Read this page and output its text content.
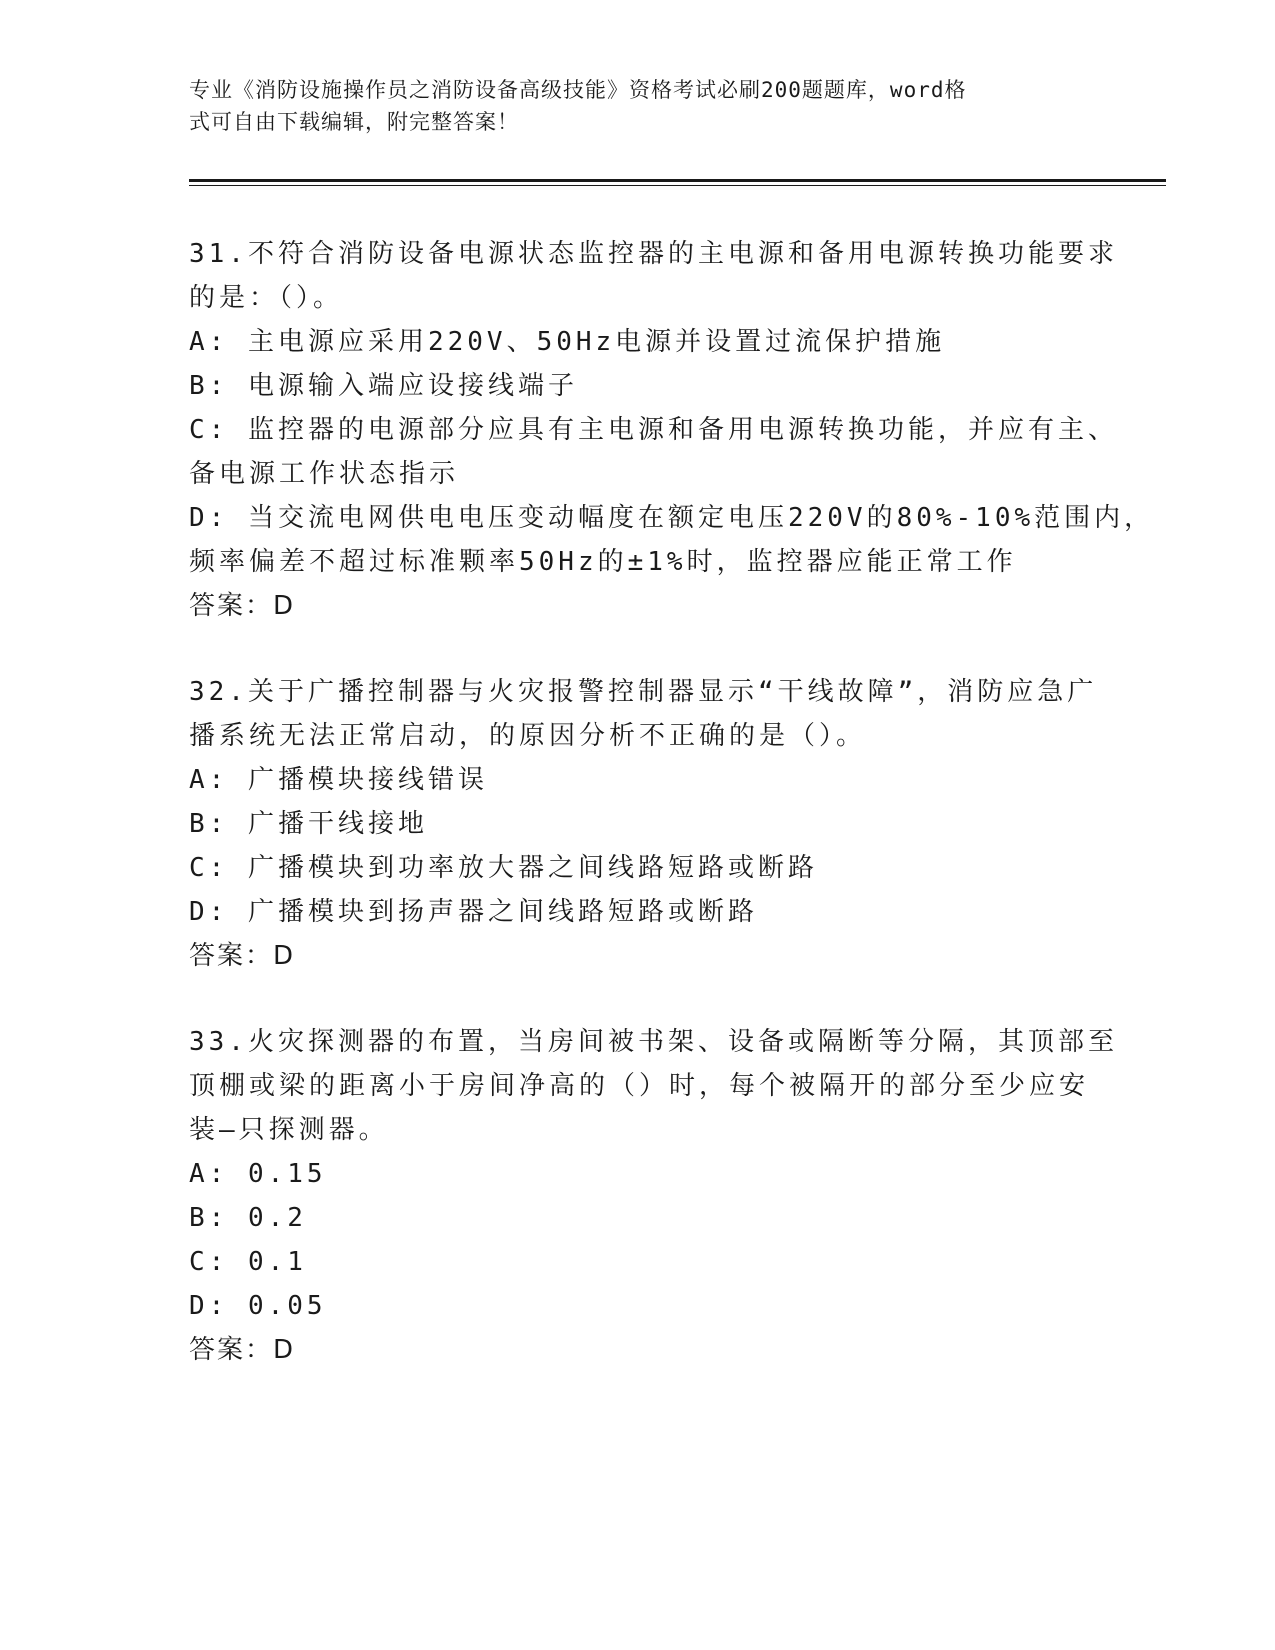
专业《消防设施操作员之消防设备高级技能》资格考试必刷200题题库，word格
式可自由下载编辑，附完整答案！
31.不符合消防设备电源状态监控器的主电源和备用电源转换功能要求
的是：（）。
A: 主电源应采用220V、50Hz电源并设置过流保护措施
B: 电源输入端应设接线端子
C: 监控器的电源部分应具有主电源和备用电源转换功能，并应有主、
备电源工作状态指示
D: 当交流电网供电电压变动幅度在额定电压220V的80%-10%范围内，
频率偏差不超过标准颗率50Hz的±1%时，监控器应能正常工作
答案：D
32.关于广播控制器与火灾报警控制器显示“干线故障”，消防应急广
播系统无法正常启动，的原因分析不正确的是（）。
A: 广播模块接线错误
B: 广播干线接地
C: 广播模块到功率放大器之间线路短路或断路
D: 广播模块到扬声器之间线路短路或断路
答案：D
33.火灾探测器的布置，当房间被书架、设备或隔断等分隔，其顶部至
顶棚或梁的距离小于房间净高的（）时，每个被隔开的部分至少应安
装—只探测器。
A: 0.15
B: 0.2
C: 0.1
D: 0.05
答案：D
